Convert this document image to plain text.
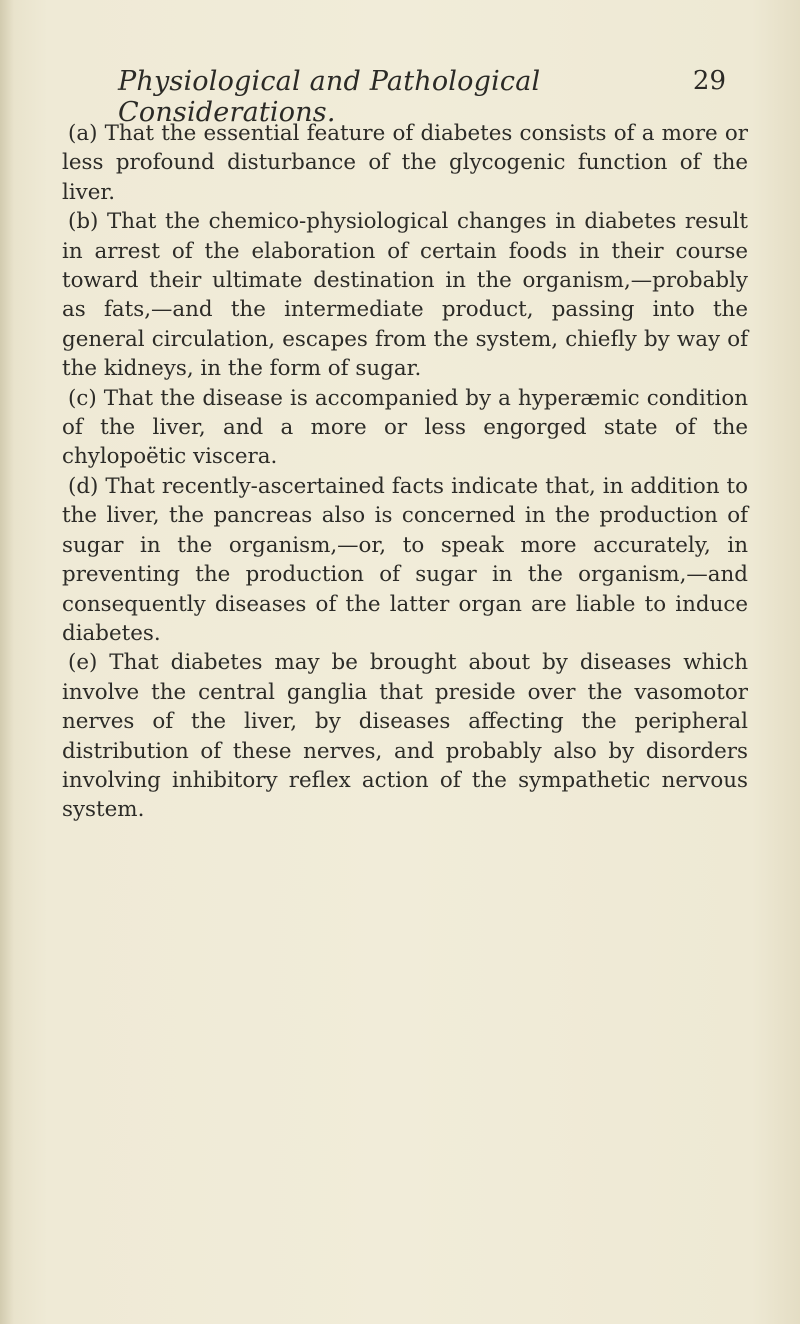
Physiological and Pathological Considerations.
29

(a) That the essential feature of diabetes consists of a more or less profound disturbance of the glycogenic function of the liver.

(b) That the chemico-physiological changes in diabetes result in arrest of the elaboration of certain foods in their course toward their ultimate destination in the organism,—probably as fats,—and the intermediate product, passing into the general circulation, escapes from the system, chiefly by way of the kidneys, in the form of sugar.

(c) That the disease is accompanied by a hyperæmic condition of the liver, and a more or less engorged state of the chylopoëtic viscera.

(d) That recently-ascertained facts indicate that, in addition to the liver, the pancreas also is concerned in the production of sugar in the organism,—or, to speak more accurately, in preventing the production of sugar in the organism,—and consequently diseases of the latter organ are liable to induce diabetes.

(e) That diabetes may be brought about by diseases which involve the central ganglia that preside over the vasomotor nerves of the liver, by diseases affecting the peripheral distribution of these nerves, and probably also by disorders involving inhibitory reflex action of the sympathetic nervous system.
